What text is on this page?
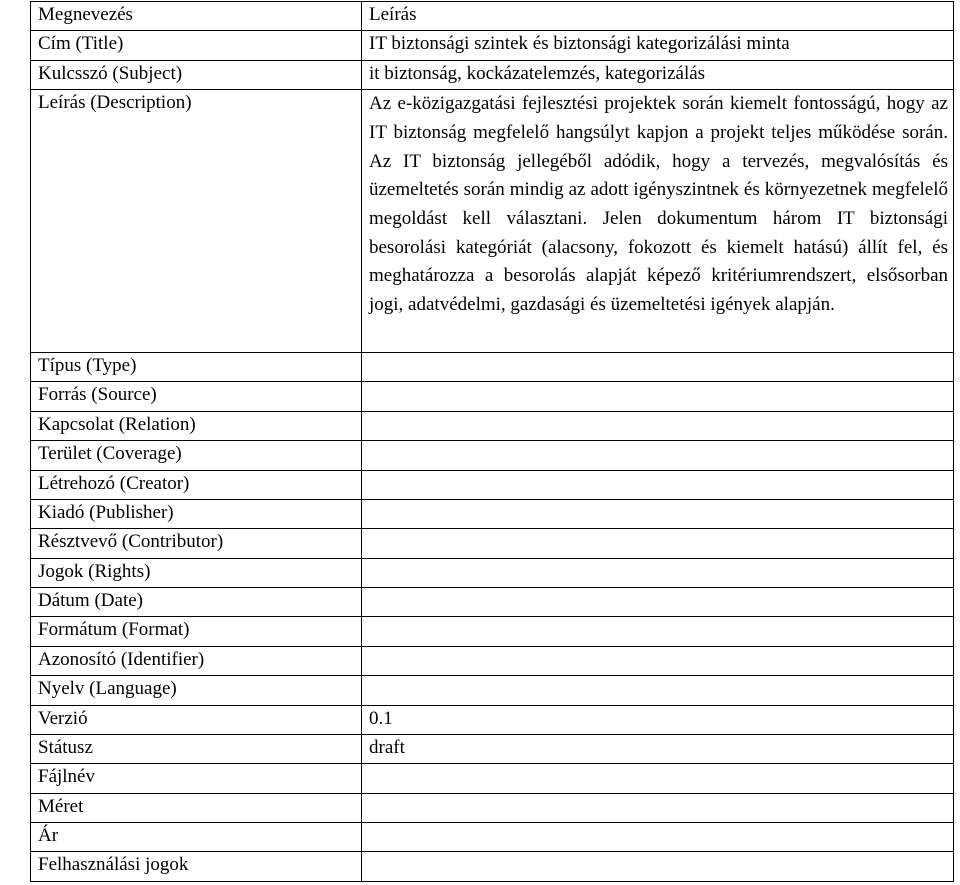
Megnevezés	Leírás
Cím (Title)	IT biztonsági szintek és biztonsági kategorizálási minta
Kulcsszó (Subject)	it biztonság, kockázatelemzés, kategorizálás
Leírás (Description)	Az e-közigazgatási fejlesztési projektek során kiemelt fontosságú, hogy az IT biztonság megfelelő hangsúlyt kapjon a projekt teljes működése során. Az IT biztonság jellegéből adódik, hogy a tervezés, megvalósítás és üzemeltetés során mindig az adott igényszintnek és környezetnek megfelelő megoldást kell választani. Jelen dokumentum három IT biztonsági besorolási kategóriát (alacsony, fokozott és kiemelt hatású) állít fel, és meghatározza a besorolás alapját képező kritériumrendszert, elsősorban jogi, adatvédelmi, gazdasági és üzemeltetési igények alapján.

Típus (Type)	
Forrás (Source)	
Kapcsolat (Relation)	
Terület (Coverage)	
Létrehozó (Creator)	
Kiadó (Publisher)	
Résztvevő (Contributor)	
Jogok (Rights)	
Dátum (Date)	
Formátum (Format)	
Azonosító (Identifier)	
Nyelv (Language)	
Verzió	0.1
Státusz	draft
Fájlnév	
Méret	
Ár	
Felhasználási jogok	
